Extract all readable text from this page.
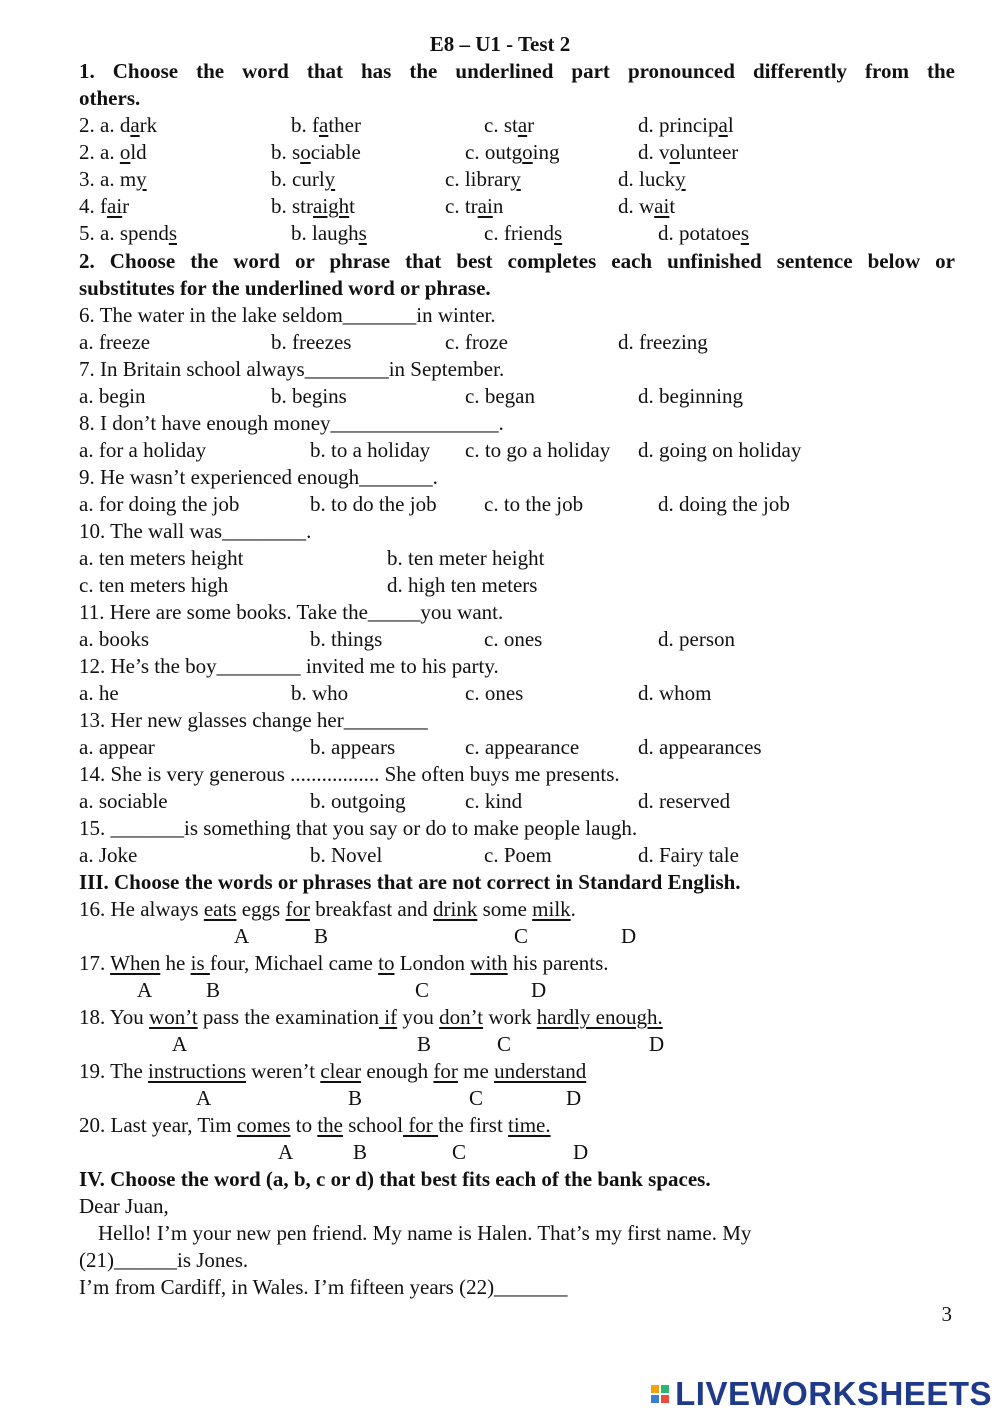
E8 – U1 - Test 2
1. Choose the word that has the underlined part pronounced differently from the
others.
2. a. dark	b. father	c. star	d. principal
2. a. old	b. sociable	c. outgoing	d. volunteer
3. a. my	b. curly	c. library	d. lucky
4. fair	b. straight	c. train	d. wait
5. a. spends	b. laughs	c. friends	d. potatoes
2. Choose the word or phrase that best completes each unfinished sentence below or
substitutes for the underlined word or phrase.
6. The water in the lake seldom_______in winter.
a. freeze	b. freezes	c. froze	d. freezing
7. In Britain school always________in September.
a. begin	b. begins	c. began	d. beginning
8. I don’t have enough money________________.
a. for a holiday	b. to a holiday c. to go a holiday d. going on holiday
9. He wasn’t experienced enough_______.
a. for doing the job	b. to do the job c. to the job	d. doing the job
10. The wall was________.
a. ten meters height	b. ten meter height
c. ten meters high	d. high ten meters
11. Here are some books. Take the_____you want.
a. books	b. things	c. ones	d. person
12. He’s the boy________ invited me to his party.
a. he	b. who	c. ones	d. whom
13. Her new glasses change her________
a. appear	b. appears	c. appearance	d. appearances
14. She is very generous ................. She often buys me presents.
a. sociable	b. outgoing	c. kind	d. reserved
15. _______is something that you say or do to make people laugh.
a. Joke	b. Novel	c. Poem	d. Fairy tale
III. Choose the words or phrases that are not correct in Standard English.
16. He always eats eggs for breakfast and drink some milk.
A	B	C	D
17. When he is four, Michael came to London with his parents.
A	B	C	D
18. You won’t pass the examination if you don’t work hardly enough.
A	B	C	D
19. The instructions weren’t clear enough for me understand
A	B	C	D
20. Last year, Tim comes to the school for the first time.
A	B	C	D
IV. Choose the word (a, b, c or d) that best fits each of the bank spaces.
Dear Juan,
Hello! I’m your new pen friend. My name is Halen. That’s my first name. My
(21)______is Jones.
I’m from Cardiff, in Wales. I’m fifteen years (22)_______
3
LIVEWORKSHEETS
